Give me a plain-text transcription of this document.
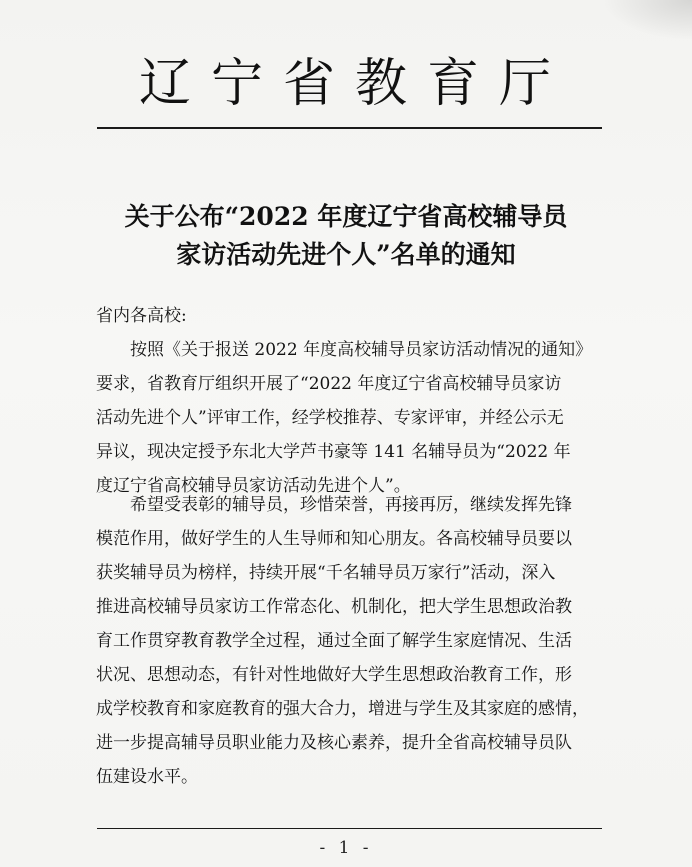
辽宁省教育厅
关于公布“2022 年度辽宁省高校辅导员
家访活动先进个人”名单的通知
省内各高校:
按照《关于报送 2022 年度高校辅导员家访活动情况的通知》
要求，省教育厅组织开展了“2022 年度辽宁省高校辅导员家访
活动先进个人”评审工作，经学校推荐、专家评审，并经公示无
异议，现决定授予东北大学芦书豪等 141 名辅导员为“2022 年
度辽宁省高校辅导员家访活动先进个人”。
希望受表彰的辅导员，珍惜荣誉，再接再厉，继续发挥先锋
模范作用，做好学生的人生导师和知心朋友。各高校辅导员要以
获奖辅导员为榜样，持续开展“千名辅导员万家行”活动，深入
推进高校辅导员家访工作常态化、机制化，把大学生思想政治教
育工作贯穿教育教学全过程，通过全面了解学生家庭情况、生活
状况、思想动态，有针对性地做好大学生思想政治教育工作，形
成学校教育和家庭教育的强大合力，增进与学生及其家庭的感情，
进一步提高辅导员职业能力及核心素养，提升全省高校辅导员队
伍建设水平。
- 1 -
